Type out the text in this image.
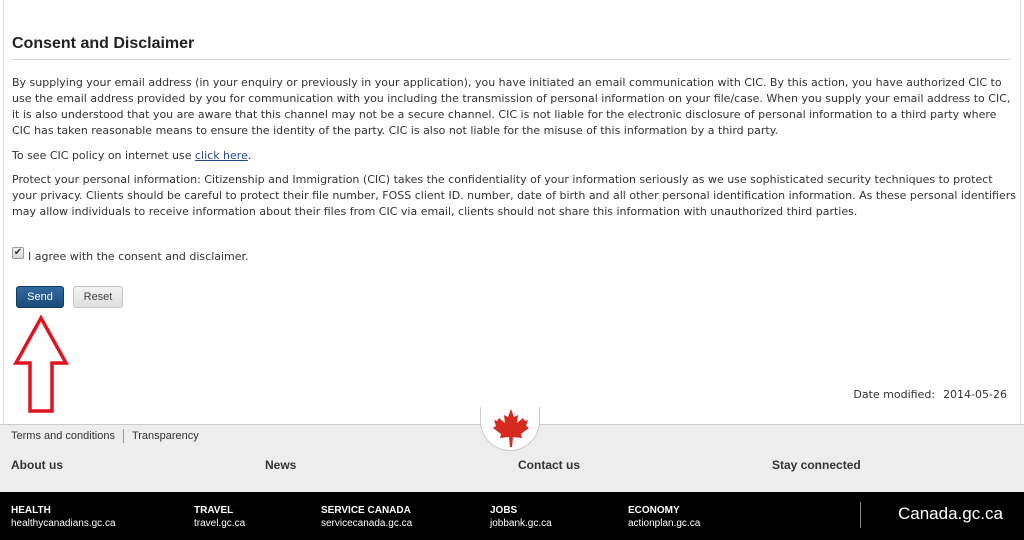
Consent and Disclaimer

By supplying your email address (in your enquiry or previously in your application), you have initiated an email communication with CIC. By this action, you have authorized CIC to use the email address provided by you for communication with you including the transmission of personal information on your file/case. When you supply your email address to CIC, it is also understood that you are aware that this channel may not be a secure channel. CIC is not liable for the electronic disclosure of personal information to a third party where CIC has taken reasonable means to ensure the identity of the party. CIC is also not liable for the misuse of this information by a third party.

To see CIC policy on internet use click here.

Protect your personal information: Citizenship and Immigration (CIC) takes the confidentiality of your information seriously as we use sophisticated security techniques to protect your privacy. Clients should be careful to protect their file number, FOSS client ID. number, date of birth and all other personal identification information. As these personal identifiers may allow individuals to receive information about their files from CIC via email, clients should not share this information with unauthorized third parties.

✔ I agree with the consent and disclaimer.
Send	Reset
Date modified: 2014-05-26
Terms and conditions Transparency
About us	News	Contact us	Stay connected
HEALTH
healthycanadians.gc.ca
TRAVEL
travel.gc.ca
SERVICE CANADA
servicecanada.gc.ca
JOBS
jobbank.gc.ca
ECONOMY
actionplan.gc.ca
Canada.gc.ca
